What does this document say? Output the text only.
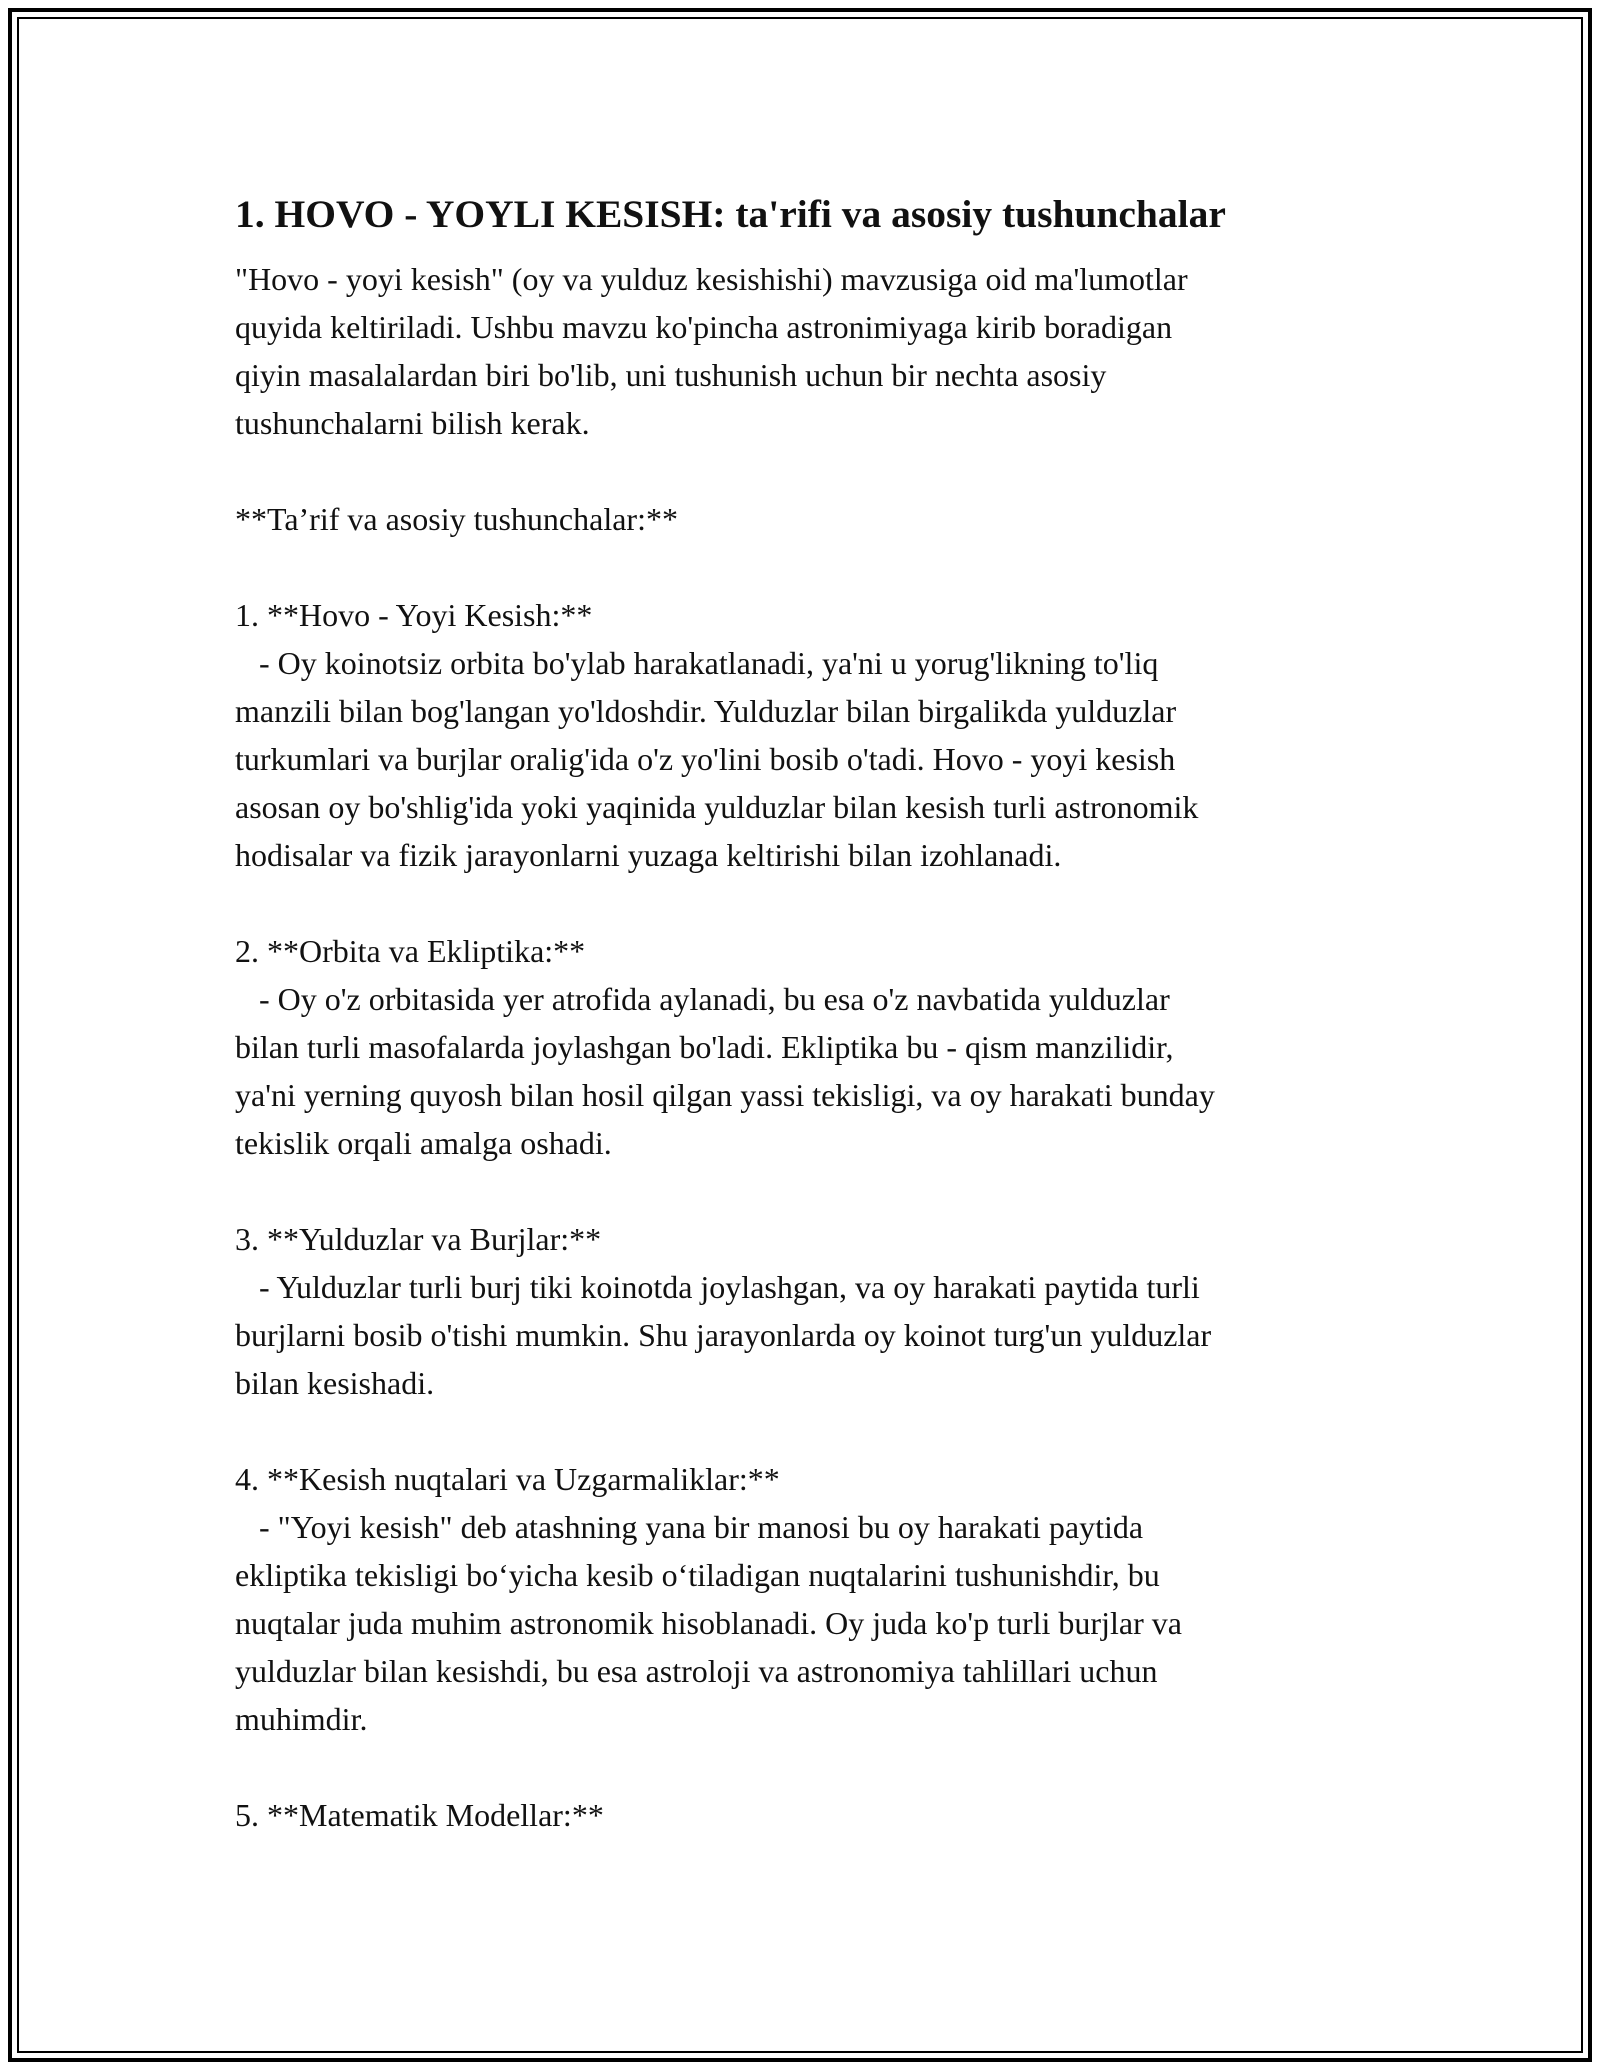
1. HOVO - YOYLI KESISH: ta'rifi va asosiy tushunchalar

"Hovo - yoyi kesish" (oy va yulduz kesishishi) mavzusiga oid ma'lumotlar

quyida keltiriladi. Ushbu mavzu ko'pincha astronimiyaga kirib boradigan

qiyin masalalardan biri bo'lib, uni tushunish uchun bir nechta asosiy

tushunchalarni bilish kerak.

**Ta’rif va asosiy tushunchalar:**

1. **Hovo - Yoyi Kesish:**

- Oy koinotsiz orbita bo'ylab harakatlanadi, ya'ni u yorug'likning to'liq

manzili bilan bog'langan yo'ldoshdir. Yulduzlar bilan birgalikda yulduzlar

turkumlari va burjlar oralig'ida o'z yo'lini bosib o'tadi. Hovo - yoyi kesish

asosan oy bo'shlig'ida yoki yaqinida yulduzlar bilan kesish turli astronomik

hodisalar va fizik jarayonlarni yuzaga keltirishi bilan izohlanadi.

2. **Orbita va Ekliptika:**

- Oy o'z orbitasida yer atrofida aylanadi, bu esa o'z navbatida yulduzlar

bilan turli masofalarda joylashgan bo'ladi. Ekliptika bu - qism manzilidir,

ya'ni yerning quyosh bilan hosil qilgan yassi tekisligi, va oy harakati bunday

tekislik orqali amalga oshadi.

3. **Yulduzlar va Burjlar:**

- Yulduzlar turli burj tiki koinotda joylashgan, va oy harakati paytida turli

burjlarni bosib o'tishi mumkin. Shu jarayonlarda oy koinot turg'un yulduzlar

bilan kesishadi.

4. **Kesish nuqtalari va Uzgarmaliklar:**

- "Yoyi kesish" deb atashning yana bir manosi bu oy harakati paytida

ekliptika tekisligi bo‘yicha kesib o‘tiladigan nuqtalarini tushunishdir, bu

nuqtalar juda muhim astronomik hisoblanadi. Oy juda ko'p turli burjlar va

yulduzlar bilan kesishdi, bu esa astroloji va astronomiya tahlillari uchun

muhimdir.

5. **Matematik Modellar:**
